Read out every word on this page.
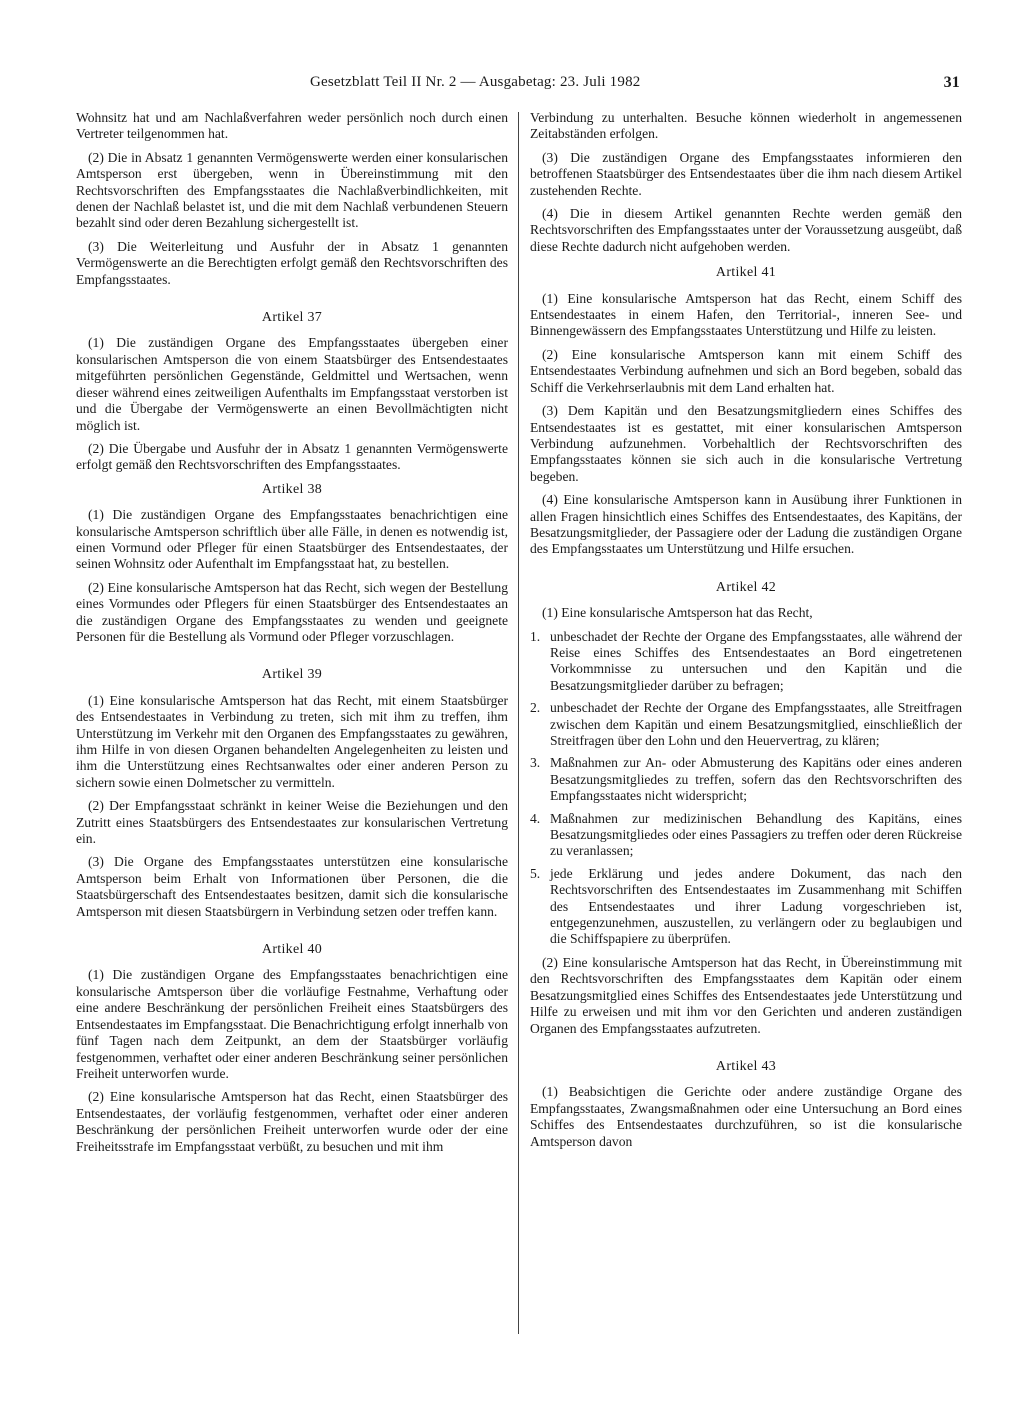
Gesetzblatt Teil II Nr. 2 — Ausgabetag: 23. Juli 1982	31

Wohnsitz hat und am Nachlaßverfahren weder persönlich noch durch einen Vertreter teilgenommen hat.

(2) Die in Absatz 1 genannten Vermögenswerte werden einer konsularischen Amtsperson erst übergeben, wenn in Übereinstimmung mit den Rechtsvorschriften des Empfangsstaates die Nachlaßverbindlichkeiten, mit denen der Nachlaß belastet ist, und die mit dem Nachlaß verbundenen Steuern bezahlt sind oder deren Bezahlung sichergestellt ist.

(3) Die Weiterleitung und Ausfuhr der in Absatz 1 genannten Vermögenswerte an die Berechtigten erfolgt gemäß den Rechtsvorschriften des Empfangsstaates.

Artikel 37

(1) Die zuständigen Organe des Empfangsstaates übergeben einer konsularischen Amtsperson die von einem Staatsbürger des Entsendestaates mitgeführten persönlichen Gegenstände, Geldmittel und Wertsachen, wenn dieser während eines zeitweiligen Aufenthalts im Empfangsstaat verstorben ist und die Übergabe der Vermögenswerte an einen Bevollmächtigten nicht möglich ist.

(2) Die Übergabe und Ausfuhr der in Absatz 1 genannten Vermögenswerte erfolgt gemäß den Rechtsvorschriften des Empfangsstaates.

Artikel 38

(1) Die zuständigen Organe des Empfangsstaates benachrichtigen eine konsularische Amtsperson schriftlich über alle Fälle, in denen es notwendig ist, einen Vormund oder Pfleger für einen Staatsbürger des Entsendestaates, der seinen Wohnsitz oder Aufenthalt im Empfangsstaat hat, zu bestellen.

(2) Eine konsularische Amtsperson hat das Recht, sich wegen der Bestellung eines Vormundes oder Pflegers für einen Staatsbürger des Entsendestaates an die zuständigen Organe des Empfangsstaates zu wenden und geeignete Personen für die Bestellung als Vormund oder Pfleger vorzuschlagen.

Artikel 39

(1) Eine konsularische Amtsperson hat das Recht, mit einem Staatsbürger des Entsendestaates in Verbindung zu treten, sich mit ihm zu treffen, ihm Unterstützung im Verkehr mit den Organen des Empfangsstaates zu gewähren, ihm Hilfe in von diesen Organen behandelten Angelegenheiten zu leisten und ihm die Unterstützung eines Rechtsanwaltes oder einer anderen Person zu sichern sowie einen Dolmetscher zu vermitteln.

(2) Der Empfangsstaat schränkt in keiner Weise die Beziehungen und den Zutritt eines Staatsbürgers des Entsendestaates zur konsularischen Vertretung ein.

(3) Die Organe des Empfangsstaates unterstützen eine konsularische Amtsperson beim Erhalt von Informationen über Personen, die die Staatsbürgerschaft des Entsendestaates besitzen, damit sich die konsularische Amtsperson mit diesen Staatsbürgern in Verbindung setzen oder treffen kann.

Artikel 40

(1) Die zuständigen Organe des Empfangsstaates benachrichtigen eine konsularische Amtsperson über die vorläufige Festnahme, Verhaftung oder eine andere Beschränkung der persönlichen Freiheit eines Staatsbürgers des Entsendestaates im Empfangsstaat. Die Benachrichtigung erfolgt innerhalb von fünf Tagen nach dem Zeitpunkt, an dem der Staatsbürger vorläufig festgenommen, verhaftet oder einer anderen Beschränkung seiner persönlichen Freiheit unterworfen wurde.

(2) Eine konsularische Amtsperson hat das Recht, einen Staatsbürger des Entsendestaates, der vorläufig festgenommen, verhaftet oder einer anderen Beschränkung der persönlichen Freiheit unterworfen wurde oder der eine Freiheitsstrafe im Empfangsstaat verbüßt, zu besuchen und mit ihm

Verbindung zu unterhalten. Besuche können wiederholt in angemessenen Zeitabständen erfolgen.

(3) Die zuständigen Organe des Empfangsstaates informieren den betroffenen Staatsbürger des Entsendestaates über die ihm nach diesem Artikel zustehenden Rechte.

(4) Die in diesem Artikel genannten Rechte werden gemäß den Rechtsvorschriften des Empfangsstaates unter der Voraussetzung ausgeübt, daß diese Rechte dadurch nicht aufgehoben werden.

Artikel 41

(1) Eine konsularische Amtsperson hat das Recht, einem Schiff des Entsendestaates in einem Hafen, den Territorial-, inneren See- und Binnengewässern des Empfangsstaates Unterstützung und Hilfe zu leisten.

(2) Eine konsularische Amtsperson kann mit einem Schiff des Entsendestaates Verbindung aufnehmen und sich an Bord begeben, sobald das Schiff die Verkehrserlaubnis mit dem Land erhalten hat.

(3) Dem Kapitän und den Besatzungsmitgliedern eines Schiffes des Entsendestaates ist es gestattet, mit einer konsularischen Amtsperson Verbindung aufzunehmen. Vorbehaltlich der Rechtsvorschriften des Empfangsstaates können sie sich auch in die konsularische Vertretung begeben.

(4) Eine konsularische Amtsperson kann in Ausübung ihrer Funktionen in allen Fragen hinsichtlich eines Schiffes des Entsendestaates, des Kapitäns, der Besatzungsmitglieder, der Passagiere oder der Ladung die zuständigen Organe des Empfangsstaates um Unterstützung und Hilfe ersuchen.

Artikel 42

(1) Eine konsularische Amtsperson hat das Recht,

1. unbeschadet der Rechte der Organe des Empfangsstaates, alle während der Reise eines Schiffes des Entsendestaates an Bord eingetretenen Vorkommnisse zu untersuchen und den Kapitän und die Besatzungsmitglieder darüber zu befragen;
2. unbeschadet der Rechte der Organe des Empfangsstaates, alle Streitfragen zwischen dem Kapitän und einem Besatzungsmitglied, einschließlich der Streitfragen über den Lohn und den Heuervertrag, zu klären;
3. Maßnahmen zur An- oder Abmusterung des Kapitäns oder eines anderen Besatzungsmitgliedes zu treffen, sofern das den Rechtsvorschriften des Empfangsstaates nicht widerspricht;
4. Maßnahmen zur medizinischen Behandlung des Kapitäns, eines Besatzungsmitgliedes oder eines Passagiers zu treffen oder deren Rückreise zu veranlassen;
5. jede Erklärung und jedes andere Dokument, das nach den Rechtsvorschriften des Entsendestaates im Zusammenhang mit Schiffen des Entsendestaates und ihrer Ladung vorgeschrieben ist, entgegenzunehmen, auszustellen, zu verlängern oder zu beglaubigen und die Schiffspapiere zu überprüfen.

(2) Eine konsularische Amtsperson hat das Recht, in Übereinstimmung mit den Rechtsvorschriften des Empfangsstaates dem Kapitän oder einem Besatzungsmitglied eines Schiffes des Entsendestaates jede Unterstützung und Hilfe zu erweisen und mit ihm vor den Gerichten und anderen zuständigen Organen des Empfangsstaates aufzutreten.

Artikel 43

(1) Beabsichtigen die Gerichte oder andere zuständige Organe des Empfangsstaates, Zwangsmaßnahmen oder eine Untersuchung an Bord eines Schiffes des Entsendestaates durchzuführen, so ist die konsularische Amtsperson davon
